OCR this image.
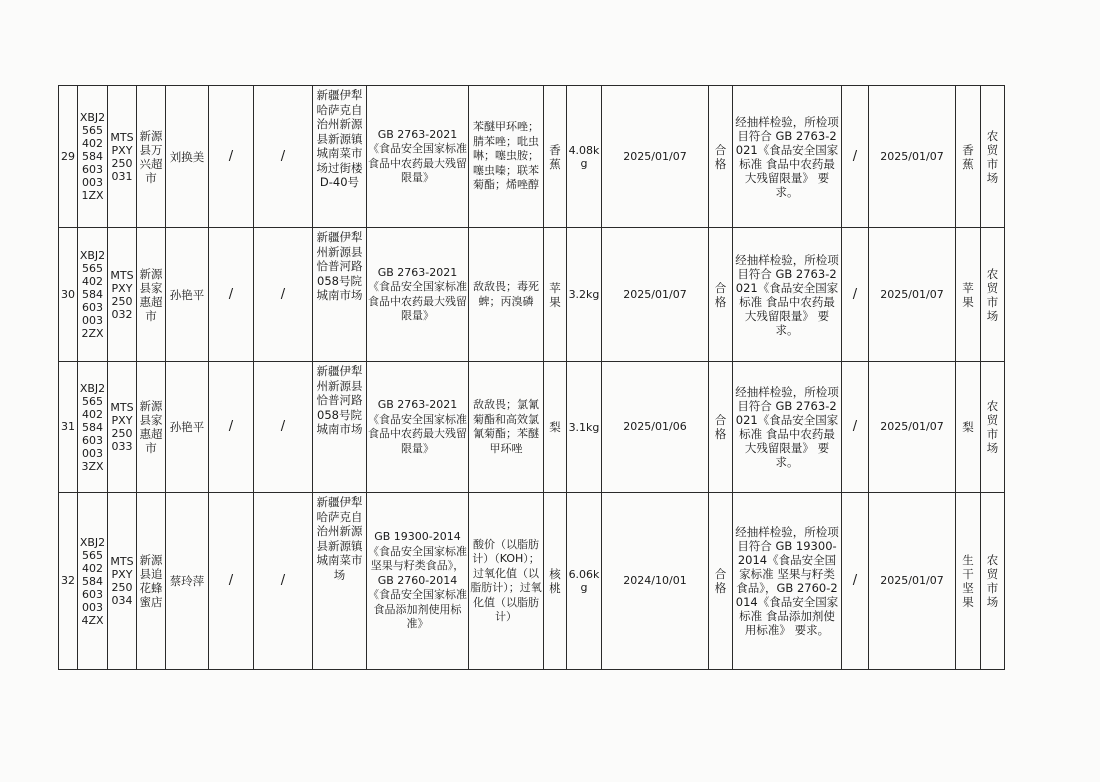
29	XBJ2565402584603 0031ZX	MTSPXY250031	新源县万兴超市	刘换美	/	/	新疆伊犁哈萨克自治州新源县新源镇城南菜市场过街楼D-40号	GB 2763-2021《食品安全国家标准 食品中农药最大残留限量》	苯醚甲环唑；腈苯唑；吡虫啉；噻虫胺；噻虫嗪；联苯菊酯；烯唑醇	香蕉	4.08kg	2025/01/07	合格	经抽样检验，所检项目符合 GB 2763-2021《食品安全国家标准 食品中农药最大残留限量》 要求。	/	2025/01/07	香蕉	农贸市场
30	XBJ2565402584603 0032ZX	MTSPXY250032	新源县家惠超市	孙艳平	/	/	新疆伊犁州新源县恰普河路058号院城南市场	GB 2763-2021《食品安全国家标准 食品中农药最大残留限量》	敌敌畏；毒死蜱；丙溴磷	苹果	3.2kg	2025/01/07	合格	经抽样检验，所检项目符合 GB 2763-2021《食品安全国家标准 食品中农药最大残留限量》 要求。	/	2025/01/07	苹果	农贸市场
31	XBJ2565402584603 0033ZX	MTSPXY250033	新源县家惠超市	孙艳平	/	/	新疆伊犁州新源县恰普河路058号院城南市场	GB 2763-2021《食品安全国家标准 食品中农药最大残留限量》	敌敌畏；氯氰菊酯和高效氯氰菊酯；苯醚甲环唑	梨	3.1kg	2025/01/06	合格	经抽样检验，所检项目符合 GB 2763-2021《食品安全国家标准 食品中农药最大残留限量》 要求。	/	2025/01/07	梨	农贸市场
32	XBJ2565402584603 0034ZX	MTSPXY250034	新源县追花蜂蜜店	蔡玲萍	/	/	新疆伊犁哈萨克自治州新源县新源镇城南菜市场	GB 19300-2014《食品安全国家标准 坚果与籽类食品》，GB 2760-2014《食品安全国家标准 食品添加剂使用标准》	酸价（以脂肪计）（KOH）；过氧化值（以脂肪计）；过氧化值（以脂肪计）	核桃	6.06kg	2024/10/01	合格	经抽样检验，所检项目符合 GB 19300-2014《食品安全国家标准 坚果与籽类食品》，GB 2760-2014《食品安全国家标准 食品添加剂使用标准》 要求。	/	2025/01/07	生干坚果	农贸市场
